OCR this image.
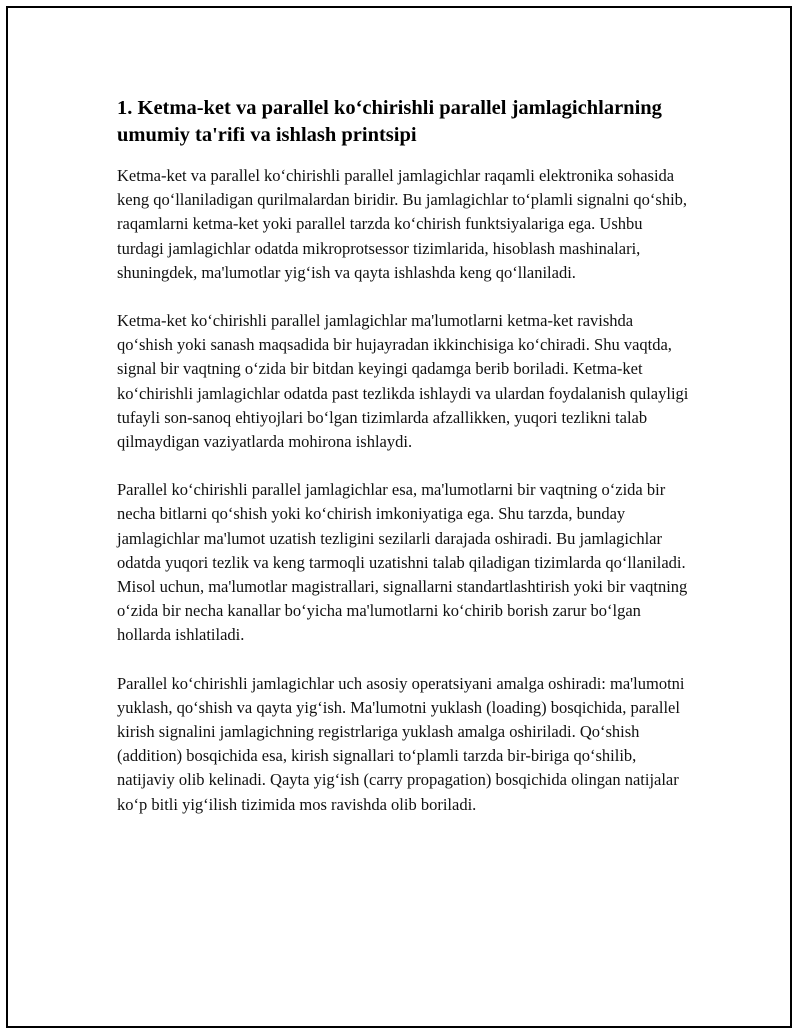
1. Ketma-ket va parallel koʻchirishli parallel jamlagichlarning umumiy ta'rifi va ishlash printsipi

Ketma-ket va parallel koʻchirishli parallel jamlagichlar raqamli elektronika sohasida keng qoʻllaniladigan qurilmalardan biridir. Bu jamlagichlar toʻplamli signalni qoʻshib, raqamlarni ketma-ket yoki parallel tarzda koʻchirish funktsiyalariga ega. Ushbu turdagi jamlagichlar odatda mikroprotsessor tizimlarida, hisoblash mashinalari, shuningdek, ma'lumotlar yigʻish va qayta ishlashda keng qoʻllaniladi.

Ketma-ket koʻchirishli parallel jamlagichlar ma'lumotlarni ketma-ket ravishda qoʻshish yoki sanash maqsadida bir hujayradan ikkinchisiga koʻchiradi. Shu vaqtda, signal bir vaqtning oʻzida bir bitdan keyingi qadamga berib boriladi. Ketma-ket koʻchirishli jamlagichlar odatda past tezlikda ishlaydi va ulardan foydalanish qulayligi tufayli son-sanoq ehtiyojlari boʻlgan tizimlarda afzallikken, yuqori tezlikni talab qilmaydigan vaziyatlarda mohirona ishlaydi.

Parallel koʻchirishli parallel jamlagichlar esa, ma'lumotlarni bir vaqtning oʻzida bir necha bitlarni qoʻshish yoki koʻchirish imkoniyatiga ega. Shu tarzda, bunday jamlagichlar ma'lumot uzatish tezligini sezilarli darajada oshiradi. Bu jamlagichlar odatda yuqori tezlik va keng tarmoqli uzatishni talab qiladigan tizimlarda qoʻllaniladi. Misol uchun, ma'lumotlar magistrallari, signallarni standartlashtirish yoki bir vaqtning oʻzida bir necha kanallar boʻyicha ma'lumotlarni koʻchirib borish zarur boʻlgan hollarda ishlatiladi.

Parallel koʻchirishli jamlagichlar uch asosiy operatsiyani amalga oshiradi: ma'lumotni yuklash, qoʻshish va qayta yigʻish. Ma'lumotni yuklash (loading) bosqichida, parallel kirish signalini jamlagichning registrlariga yuklash amalga oshiriladi. Qoʻshish (addition) bosqichida esa, kirish signallari toʻplamli tarzda bir-biriga qoʻshilib, natijaviy olib kelinadi. Qayta yigʻish (carry propagation) bosqichida olingan natijalar koʻp bitli yigʻilish tizimida mos ravishda olib boriladi.
